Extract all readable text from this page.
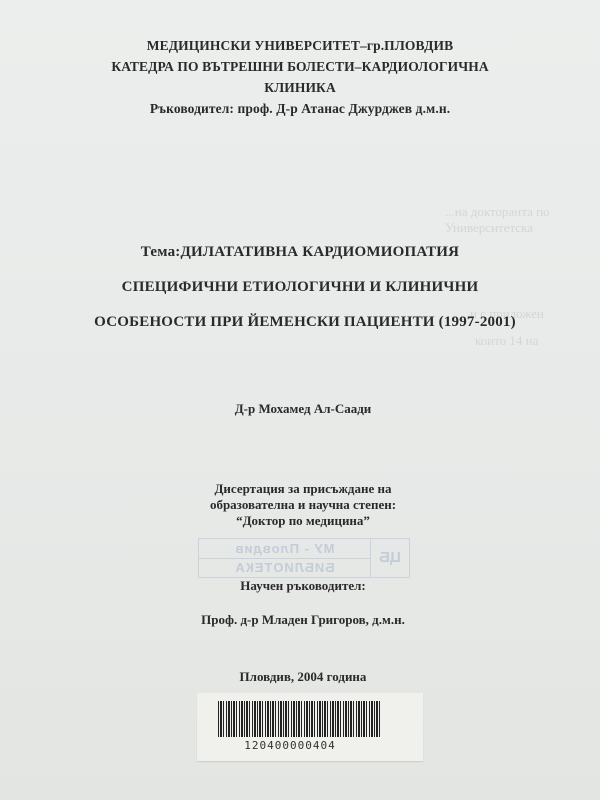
...на докторанта по
Университетска
и с приложен
които 14 на
МЕДИЦИНСКИ УНИВЕРСИТЕТ–гр.ПЛОВДИВ
КАТЕДРА ПО ВЪТРЕШНИ БОЛЕСТИ–КАРДИОЛОГИЧНА
КЛИНИКА
Ръководител: проф. Д-р Атанас Джурджев д.м.н.
Тема:ДИЛАТАТИВНА КАРДИОМИОПАТИЯ
СПЕЦИФИЧНИ ЕТИОЛОГИЧНИ И КЛИНИЧНИ
ОСОБЕНОСТИ ПРИ ЙЕМЕНСКИ ПАЦИЕНТИ (1997-2001)
Д-р Мохамед Ал-Саади
Дисертация за присъждане на
образователна и научна степен:
“Доктор по медицина”
ЦБ
МУ - Пловдив
БИБЛИОТЕКА
Научен ръководител:
Проф. д-р Младен Григоров, д.м.н.
Пловдив, 2004 година
120400000404
